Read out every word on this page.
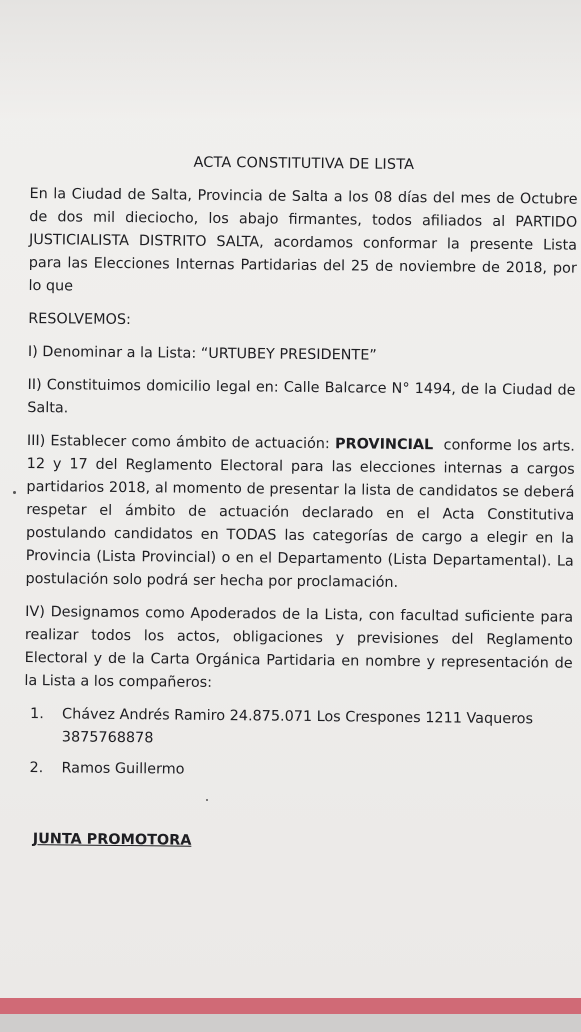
ACTA CONSTITUTIVA DE LISTA

En la Ciudad de Salta, Provincia de Salta a los 08 días del mes de Octubre de dos mil dieciocho, los abajo firmantes, todos afiliados al PARTIDO JUSTICIALISTA DISTRITO SALTA, acordamos conformar la presente Lista para las Elecciones Internas Partidarias del 25 de noviembre de 2018, por lo que

RESOLVEMOS:

I) Denominar a la Lista: “URTUBEY PRESIDENTE”

II) Constituimos domicilio legal en: Calle Balcarce N° 1494, de la Ciudad de Salta.

III) Establecer como ámbito de actuación: PROVINCIAL  conforme los arts. 12 y 17 del Reglamento Electoral para las elecciones internas a cargos partidarios 2018, al momento de presentar la lista de candidatos se deberá respetar el ámbito de actuación declarado en el Acta Constitutiva postulando candidatos en TODAS las categorías de cargo a elegir en la Provincia (Lista Provincial) o en el Departamento (Lista Departamental). La postulación solo podrá ser hecha por proclamación.

IV) Designamos como Apoderados de la Lista, con facultad suficiente para realizar todos los actos, obligaciones y previsiones del Reglamento Electoral y de la Carta Orgánica Partidaria en nombre y representación de la Lista a los compañeros:

1.	Chávez Andrés Ramiro 24.875.071 Los Crespones 1211 Vaqueros 3875768878
2.	Ramos Guillermo
JUNTA PROMOTORA
